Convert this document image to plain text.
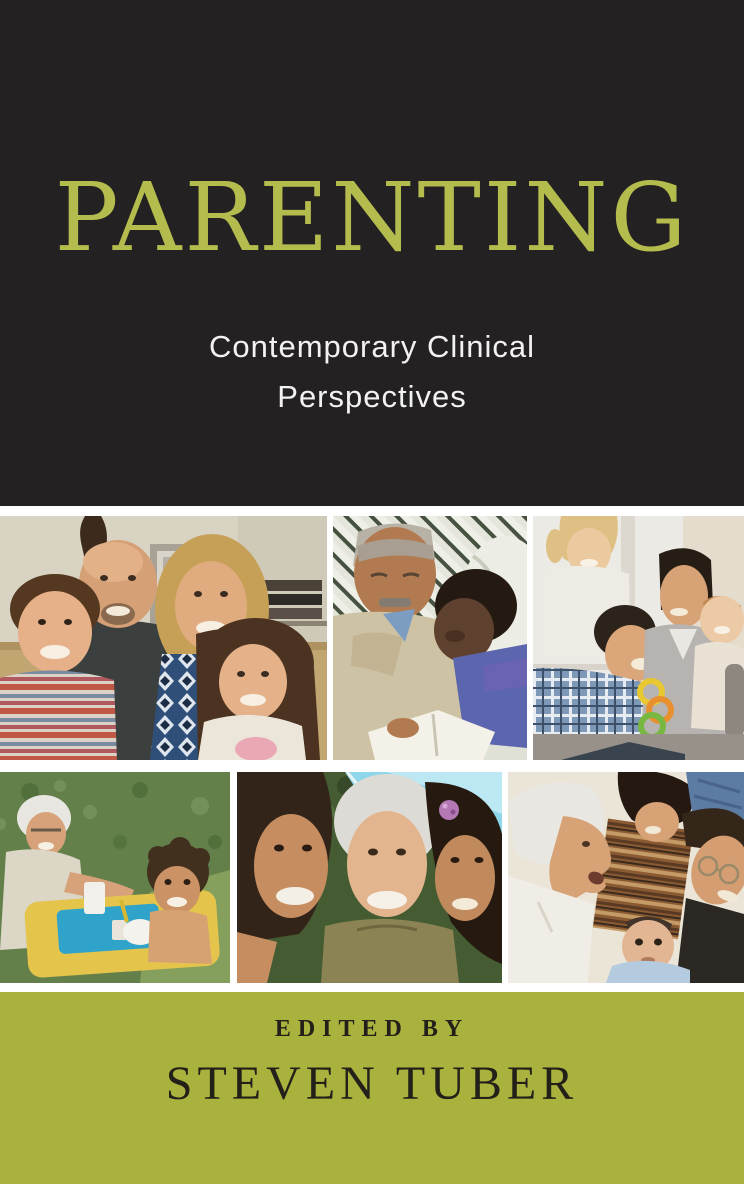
PARENTING
Contemporary Clinical
Perspectives
EDITED BY
STEVEN TUBER
